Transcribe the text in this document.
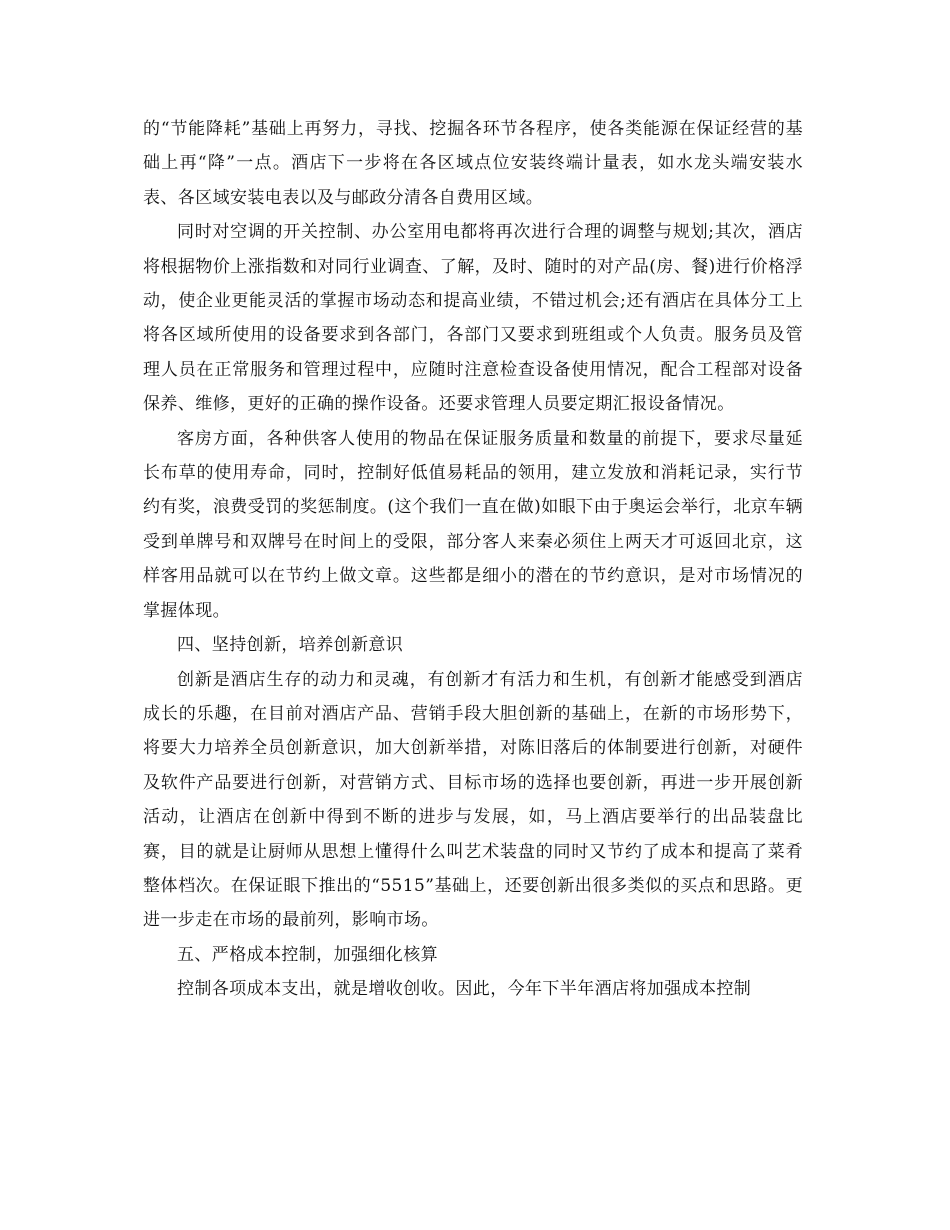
的“节能降耗”基础上再努力，寻找、挖掘各环节各程序，使各类能源在保证经营的基础上再“降”一点。酒店下一步将在各区域点位安装终端计量表，如水龙头端安装水表、各区域安装电表以及与邮政分清各自费用区域。

同时对空调的开关控制、办公室用电都将再次进行合理的调整与规划;其次，酒店将根据物价上涨指数和对同行业调查、了解，及时、随时的对产品(房、餐)进行价格浮动，使企业更能灵活的掌握市场动态和提高业绩，不错过机会;还有酒店在具体分工上将各区域所使用的设备要求到各部门，各部门又要求到班组或个人负责。服务员及管理人员在正常服务和管理过程中，应随时注意检查设备使用情况，配合工程部对设备保养、维修，更好的正确的操作设备。还要求管理人员要定期汇报设备情况。

客房方面，各种供客人使用的物品在保证服务质量和数量的前提下，要求尽量延长布草的使用寿命，同时，控制好低值易耗品的领用，建立发放和消耗记录，实行节约有奖，浪费受罚的奖惩制度。(这个我们一直在做)如眼下由于奥运会举行，北京车辆受到单牌号和双牌号在时间上的受限，部分客人来秦必须住上两天才可返回北京，这样客用品就可以在节约上做文章。这些都是细小的潜在的节约意识，是对市场情况的掌握体现。

四、坚持创新，培养创新意识

创新是酒店生存的动力和灵魂，有创新才有活力和生机，有创新才能感受到酒店成长的乐趣，在目前对酒店产品、营销手段大胆创新的基础上，在新的市场形势下，将要大力培养全员创新意识，加大创新举措，对陈旧落后的体制要进行创新，对硬件及软件产品要进行创新，对营销方式、目标市场的选择也要创新，再进一步开展创新活动，让酒店在创新中得到不断的进步与发展，如，马上酒店要举行的出品装盘比赛，目的就是让厨师从思想上懂得什么叫艺术装盘的同时又节约了成本和提高了菜肴整体档次。在保证眼下推出的“5515”基础上，还要创新出很多类似的买点和思路。更进一步走在市场的最前列，影响市场。

五、严格成本控制，加强细化核算

控制各项成本支出，就是增收创收。因此，今年下半年酒店将加强成本控制
